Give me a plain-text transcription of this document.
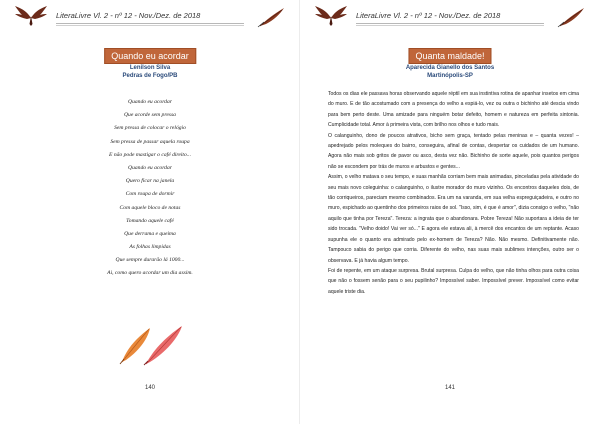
LiteraLivre Vl. 2 - nº 12 - Nov./Dez. de 2018
Quando eu acordar
Lenilson Silva
Pedras de Fogo/PB
Quando eu acordar
Que acorde sem pressa
Sem pressa de colocar o relógio
Sem pressa de passar aquela roupa
E não pode mastigar o café direito...
Quando eu acordar
Quero ficar na janela
Com roupa de dormir
Com aquele bloco de notas
Tomando aquele café
Que derrama e queima
As folhas limpidas
Que sempre durarão lá 1000...
Ai, como quero acordar um dia assim.
140
LiteraLivre Vl. 2 - nº 12 - Nov./Dez. de 2018
Quanta maldade!
Aparecida Gianello dos Santos
Martinópolis-SP

Todos os dias ele passava horas observando aquele réptil em sua instintiva rotina de apanhar insetos em cima do muro. E de tão acostumado com a presença do velho a espiá-lo, vez ou outra o bichinho até descia vindo para bem perto deste. Uma amizade para ninguém botar defeito, homem e natureza em perfeita sintonia. Cumplicidade total. Amor à primeira vista, com brilho nos olhos e tudo mais.

O calanguinho, dono de poucos atrativos, bicho sem graça, tentado pelas meninas e – quanta vezes! – apedrejado pelos moleques do bairro, conseguira, afinal de contas, despertar os cuidados de um humano. Agora não mais sob gritos de pavor ou asco, desta vez não. Bichinho de sorte aquele, pois quantos perigos não se escondem por trás de muros e arbustos e gentes...

Assim, o velho matava o seu tempo, e suas manhãs corriam bem mais animadas, pinceladas pela atividade do seu mais novo coleguinha: o calanguinho, o ilustre morador do muro vizinho. Os encontros daqueles dois, de tão corriqueiros, pareciam mesmo combinados. Era um na varanda, em sua velha espreguiçadeira, e outro no muro, espichado ao quentinho dos primeiros raios de sol. "Isso, sim, é que é amor", dizia consigo o velho, "não aquilo que tinha por Tereza". Tereza: a ingrata que o abandonara. Pobre Tereza! Não suportara a ideia de ter sido trocada. "Velho doido! Vai ver só..." E agora ele estava ali, à mercê dos encantos de um reptante. Acaso supunha ele o quanto era admirado pelo ex-homem de Tereza? Não. Não mesmo. Definitivamente não. Tampouco sabia do perigo que corria. Diferente do velho, nas suas mais sublimes intenções, outro ser o observava. E já havia algum tempo.

Foi de repente, em um ataque surpresa. Brutal surpresa. Culpa do velho, que não tinha olhos para outra coisa que não o fossem senão para o seu pupilinho? Impossível saber. Impossível prever. Impossível como evitar aquele triste dia.

141
